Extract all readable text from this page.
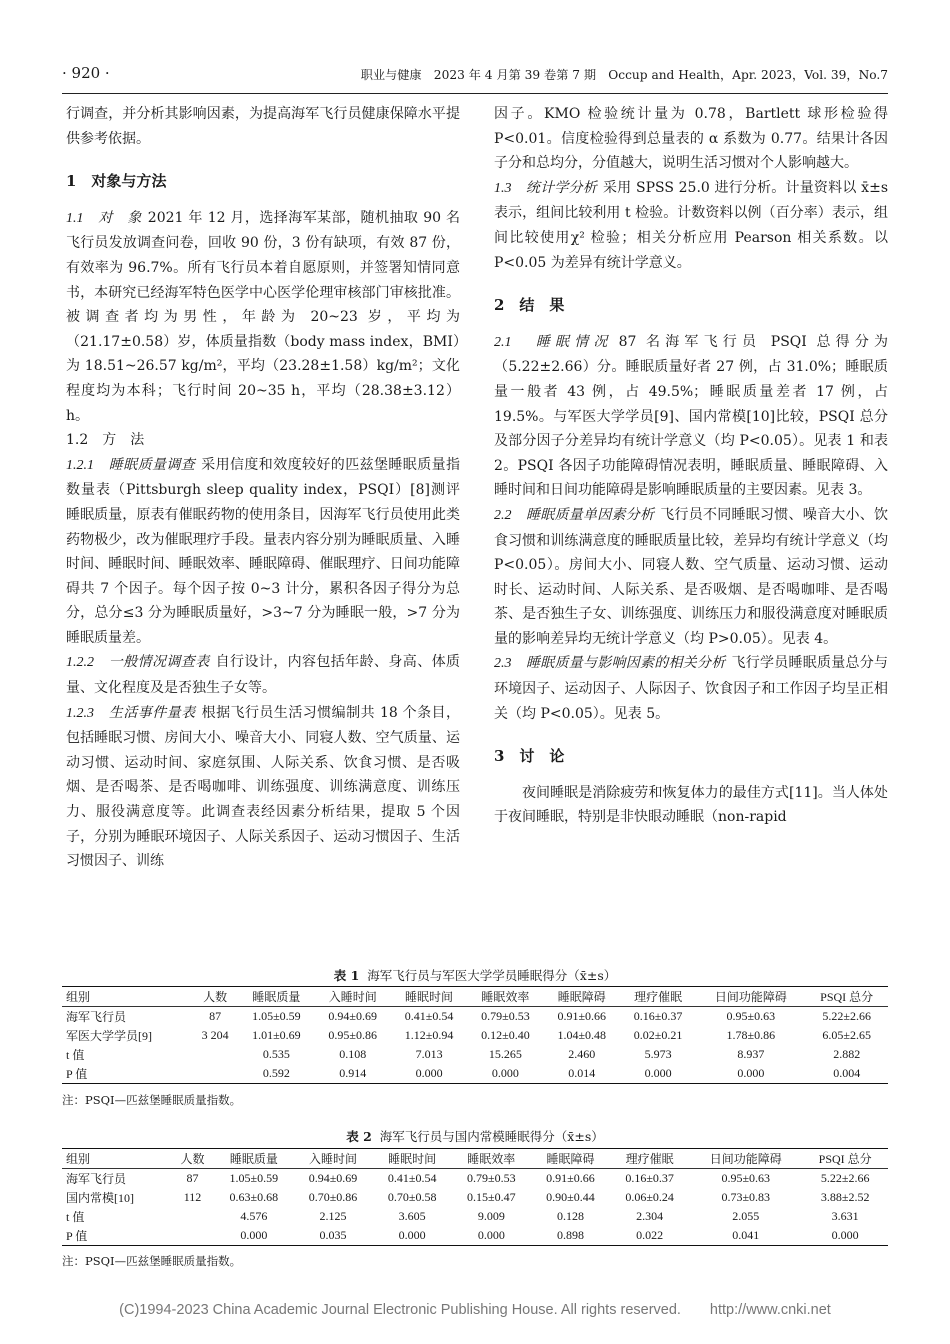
· 920 ·	职业与健康　2023 年 4 月第 39 卷第 7 期　Occup and Health，Apr. 2023，Vol. 39，No.7

行调查，并分析其影响因素，为提高海军飞行员健康保障水平提供参考依据。

1　对象与方法

1.1　对　象 2021 年 12 月，选择海军某部，随机抽取 90 名飞行员发放调查问卷，回收 90 份，3 份有缺项，有效 87 份，有效率为 96.7%。所有飞行员本着自愿原则，并签署知情同意书，本研究已经海军特色医学中心医学伦理审核部门审核批准。被调查者均为男性，年龄为 20~23 岁，平均为（21.17±0.58）岁，体质量指数（body mass index，BMI）为 18.51~26.57 kg/m²，平均（23.28±1.58）kg/m²；文化程度均为本科；飞行时间 20~35 h，平均（28.38±3.12）h。

1.2　方　法

1.2.1　睡眠质量调查 采用信度和效度较好的匹兹堡睡眠质量指数量表（Pittsburgh sleep quality index，PSQI）[8]测评睡眠质量，原表有催眠药物的使用条目，因海军飞行员使用此类药物极少，改为催眠理疗手段。量表内容分别为睡眠质量、入睡时间、睡眠时间、睡眠效率、睡眠障碍、催眠理疗、日间功能障碍共 7 个因子。每个因子按 0~3 计分，累积各因子得分为总分，总分≤3 分为睡眠质量好，>3~7 分为睡眠一般，>7 分为睡眠质量差。

1.2.2　一般情况调查表 自行设计，内容包括年龄、身高、体质量、文化程度及是否独生子女等。

1.2.3　生活事件量表 根据飞行员生活习惯编制共 18 个条目，包括睡眠习惯、房间大小、噪音大小、同寝人数、空气质量、运动习惯、运动时间、家庭氛围、人际关系、饮食习惯、是否吸烟、是否喝茶、是否喝咖啡、训练强度、训练满意度、训练压力、服役满意度等。此调查表经因素分析结果，提取 5 个因子，分别为睡眠环境因子、人际关系因子、运动习惯因子、生活习惯因子、训练

因子。KMO 检验统计量为 0.78，Bartlett 球形检验得 P<0.01。信度检验得到总量表的 α 系数为 0.77。结果计各因子分和总均分，分值越大，说明生活习惯对个人影响越大。

1.3　统计学分析 采用 SPSS 25.0 进行分析。计量资料以 x̄±s 表示，组间比较利用 t 检验。计数资料以例（百分率）表示，组间比较使用χ² 检验；相关分析应用 Pearson 相关系数。以 P<0.05 为差异有统计学意义。

2　结　果

2.1　睡眠情况 87 名海军飞行员 PSQI 总得分为（5.22±2.66）分。睡眠质量好者 27 例，占 31.0%；睡眠质量一般者 43 例，占 49.5%；睡眠质量差者 17 例，占 19.5%。与军医大学学员[9]、国内常模[10]比较，PSQI 总分及部分因子分差异均有统计学意义（均 P<0.05）。见表 1 和表 2。PSQI 各因子功能障碍情况表明，睡眠质量、睡眠障碍、入睡时间和日间功能障碍是影响睡眠质量的主要因素。见表 3。

2.2　睡眠质量单因素分析 飞行员不同睡眠习惯、噪音大小、饮食习惯和训练满意度的睡眠质量比较，差异均有统计学意义（均 P<0.05）。房间大小、同寝人数、空气质量、运动习惯、运动时长、运动时间、人际关系、是否吸烟、是否喝咖啡、是否喝茶、是否独生子女、训练强度、训练压力和服役满意度对睡眠质量的影响差异均无统计学意义（均 P>0.05）。见表 4。

2.3　睡眠质量与影响因素的相关分析 飞行学员睡眠质量总分与环境因子、运动因子、人际因子、饮食因子和工作因子均呈正相关（均 P<0.05）。见表 5。

3　讨　论

夜间睡眠是消除疲劳和恢复体力的最佳方式[11]。当人体处于夜间睡眠，特别是非快眼动睡眠（non-rapid

表 1 海军飞行员与军医大学学员睡眠得分（x̄±s）
组别	人数	睡眠质量	入睡时间	睡眠时间	睡眠效率	睡眠障碍	理疗催眠	日间功能障碍	PSQI 总分
海军飞行员	87	1.05±0.59	0.94±0.69	0.41±0.54	0.79±0.53	0.91±0.66	0.16±0.37	0.95±0.63	5.22±2.66
军医大学学员[9]	3 204	1.01±0.69	0.95±0.86	1.12±0.94	0.12±0.40	1.04±0.48	0.02±0.21	1.78±0.86	6.05±2.65
t 值		0.535	0.108	7.013	15.265	2.460	5.973	8.937	2.882
P 值		0.592	0.914	0.000	0.000	0.014	0.000	0.000	0.004
注：PSQI—匹兹堡睡眠质量指数。
表 2 海军飞行员与国内常模睡眠得分（x̄±s）
组别	人数	睡眠质量	入睡时间	睡眠时间	睡眠效率	睡眠障碍	理疗催眠	日间功能障碍	PSQI 总分
海军飞行员	87	1.05±0.59	0.94±0.69	0.41±0.54	0.79±0.53	0.91±0.66	0.16±0.37	0.95±0.63	5.22±2.66
国内常模[10]	112	0.63±0.68	0.70±0.86	0.70±0.58	0.15±0.47	0.90±0.44	0.06±0.24	0.73±0.83	3.88±2.52
t 值		4.576	2.125	3.605	9.009	0.128	2.304	2.055	3.631
P 值		0.000	0.035	0.000	0.000	0.898	0.022	0.041	0.000
注：PSQI—匹兹堡睡眠质量指数。
(C)1994-2023 China Academic Journal Electronic Publishing House. All rights reserved.　　http://www.cnki.net
